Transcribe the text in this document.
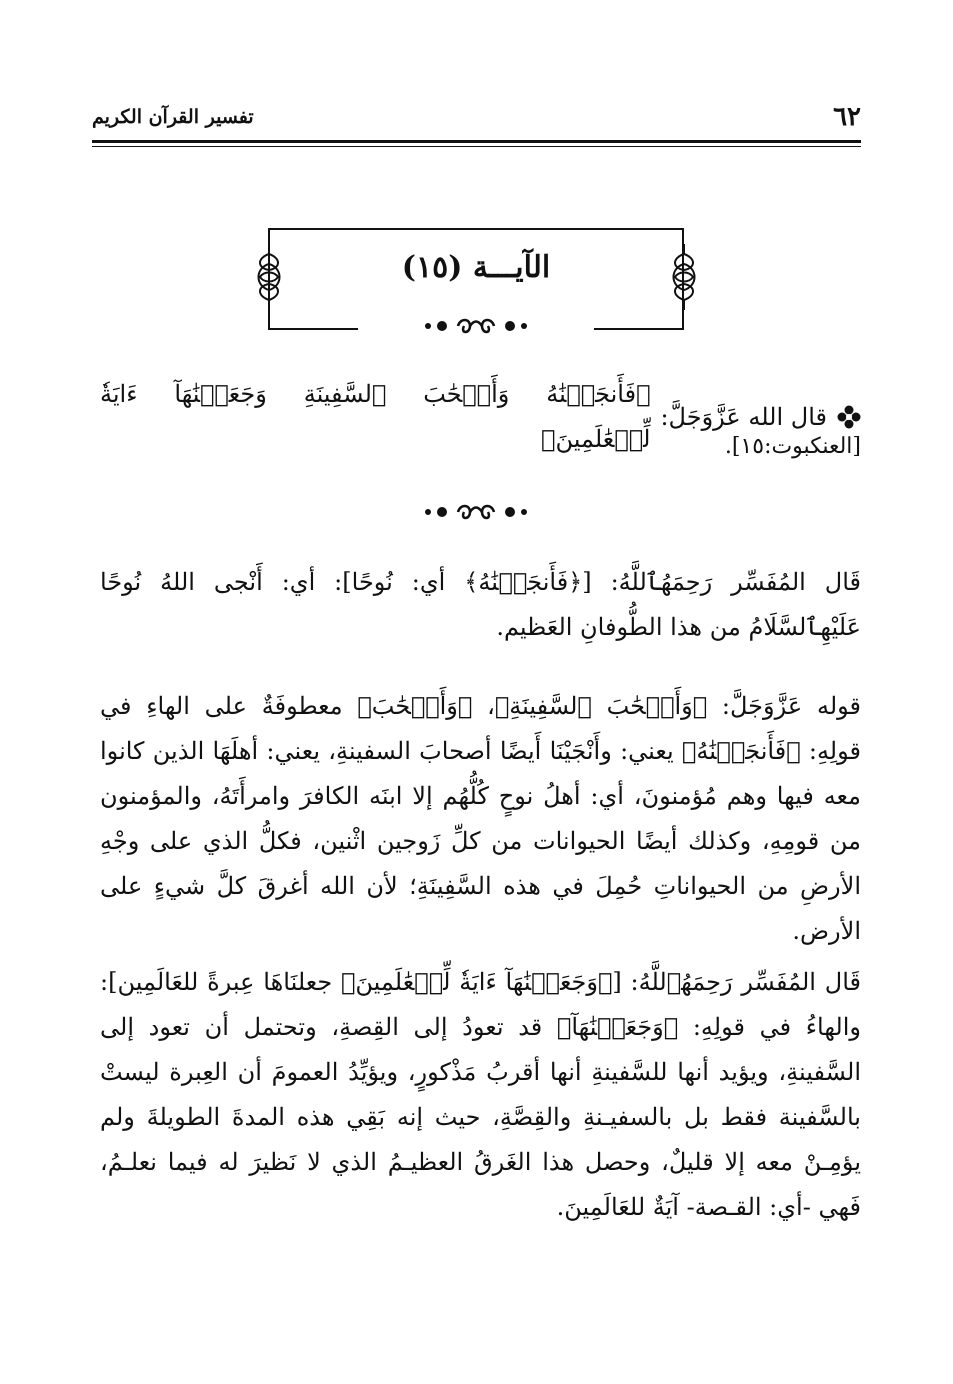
٦٢
تفسير القرآن الكريم
الآيـــة (١٥)
قال الله عَزَّوَجَلَّ:
﴿فَأَنجَيۡنَٰهُ وَأَصۡحَٰبَ ٱلسَّفِينَةِ وَجَعَلۡنَٰهَآ ءَايَةٗ لِّلۡعَٰلَمِينَ﴾	[العنكبوت:١٥].

قَال المُفَسِّر رَحِمَهُٱللَّهُ: [﴿فَأَنجَيۡنَٰهُ﴾ أي: نُوحًا]: أي: أَنْجى اللهُ نُوحًا عَلَيْهِٱلسَّلَامُ من هذا الطُّوفانِ العَظيم.

قوله عَزَّوَجَلَّ: ﴿وَأَصۡحَٰبَ ٱلسَّفِينَةِ﴾، ﴿وَأَصۡحَٰبَ﴾ معطوفَةٌ على الهاءِ في قولِهِ: ﴿فَأَنجَيۡنَٰهُ﴾ يعني: وأَنْجَيْنَا أَيضًا أصحابَ السفينةِ، يعني: أهلَهَا الذين كانوا معه فيها وهم مُؤمنونَ، أي: أهلُ نوحٍ كُلُّهُم إلا ابنَه الكافرَ وامرأَتَهُ، والمؤمنون من قومِهِ، وكذلك أيضًا الحيوانات من كلِّ زَوجين اثْنين، فكلُّ الذي على وجْهِ الأرضِ من الحيواناتِ حُمِلَ في هذه السَّفِينَةِ؛ لأن الله أغرقَ كلَّ شيءٍ على الأرض.

قَال المُفَسِّر رَحِمَهُٱللَّهُ: [﴿وَجَعَلۡنَٰهَآ ءَايَةٗ لِّلۡعَٰلَمِينَ﴾ جعلنَاهَا عِبرةً للعَالَمِين]: والهاءُ في قولِهِ: ﴿وَجَعَلۡنَٰهَآ﴾ قد تعودُ إلى القِصةِ، وتحتمل أن تعود إلى السَّفينةِ، ويؤيد أنها للسَّفينةِ أنها أقربُ مَذْكورٍ، ويؤيِّدُ العمومَ أن العِبرة ليستْ بالسَّفينة فقط بل بالسفيـنةِ والقِصَّةِ، حيث إنه بَقِي هذه المدةَ الطويلةَ ولم يؤمِـنْ معه إلا قليلٌ، وحصل هذا الغَرقُ العظيـمُ الذي لا نَظيرَ له فيما نعلـمُ، فَهي -أي: القـصة- آيَةٌ للعَالَمِينَ.
